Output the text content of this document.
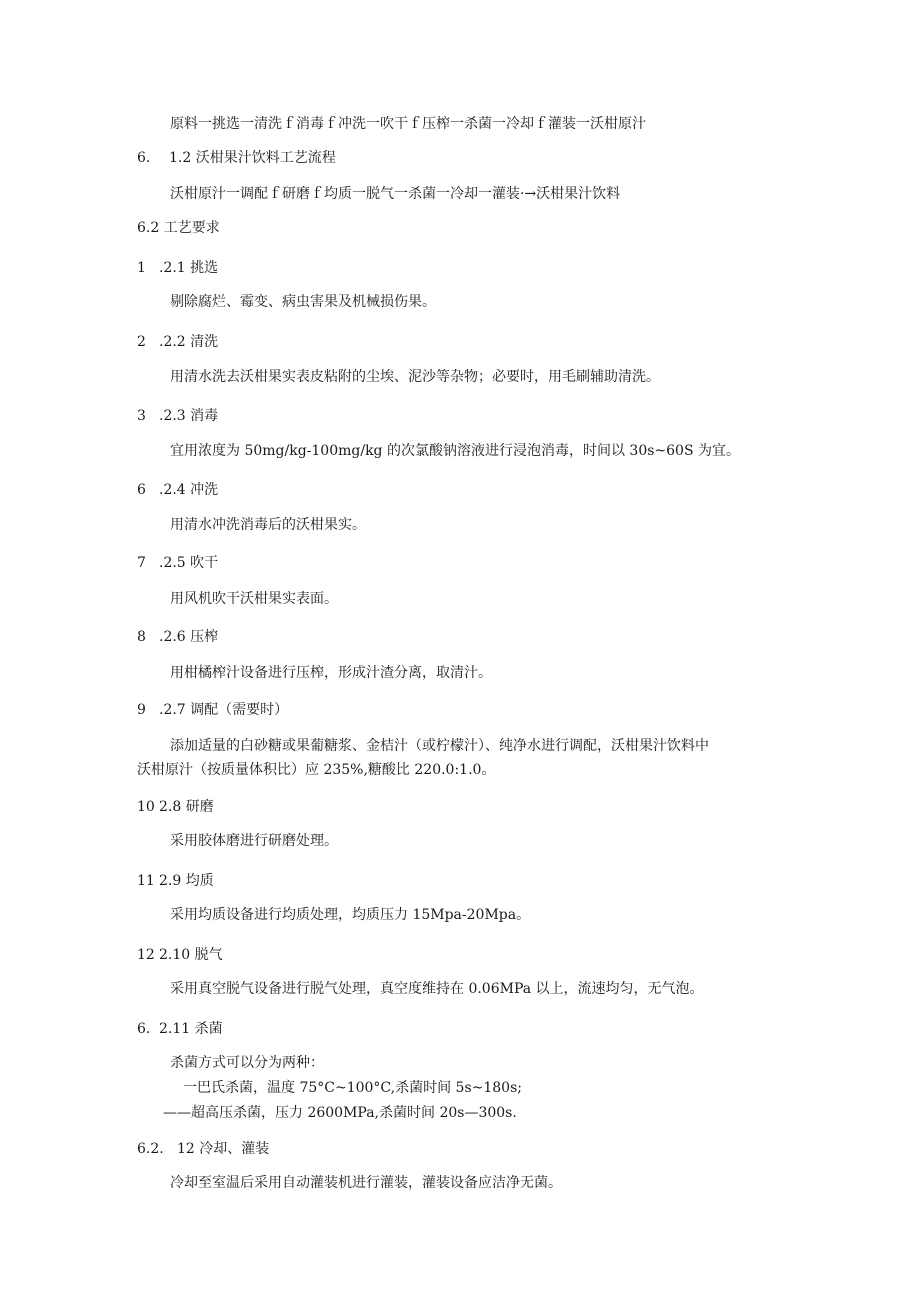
原料一挑选一清洗ｆ消毒ｆ冲洗一吹干ｆ压榨一杀菌一冷却ｆ灌装一沃柑原汁
6. 1.2 沃柑果汁饮料工艺流程
沃柑原汁一调配ｆ研磨ｆ均质一脱气一杀菌一冷却一灌装·→沃柑果汁饮料
6.2 工艺要求
1 .2.1 挑选
剔除腐烂、霉变、病虫害果及机械损伤果。
2 .2.2 清洗
用清水洗去沃柑果实表皮粘附的尘埃、泥沙等杂物；必要时，用毛刷辅助清洗。
3 .2.3 消毒
宜用浓度为 50mg/kg-100mg/kg 的次氯酸钠溶液进行浸泡消毒，时间以 30s~60S 为宜。
6 .2.4 冲洗
用清水冲洗消毒后的沃柑果实。
7 .2.5 吹干
用风机吹干沃柑果实表面。
8 .2.6 压榨
用柑橘榨汁设备进行压榨，形成汁渣分离，取清汁。
9 .2.7 调配（需要时）
添加适量的白砂糖或果葡糖浆、金桔汁（或柠檬汁）、纯净水进行调配，沃柑果汁饮料中
沃柑原汁（按质量体积比）应 235%,糖酸比 220.0:1.0。
10 2.8 研磨
采用胶体磨进行研磨处理。
11 2.9 均质
采用均质设备进行均质处理，均质压力 15Mpa-20Mpa。
12 2.10 脱气
采用真空脱气设备进行脱气处理，真空度维持在 0.06MPa 以上，流速均匀，无气泡。
6. 2.11 杀菌
杀菌方式可以分为两种：
一巴氏杀菌，温度 75°C~100°C,杀菌时间 5s~180s;
——超高压杀菌，压力 2600MPa,杀菌时间 20s—300s.
6.2. 12 冷却、灌装
冷却至室温后采用自动灌装机进行灌装，灌装设备应洁净无菌。
